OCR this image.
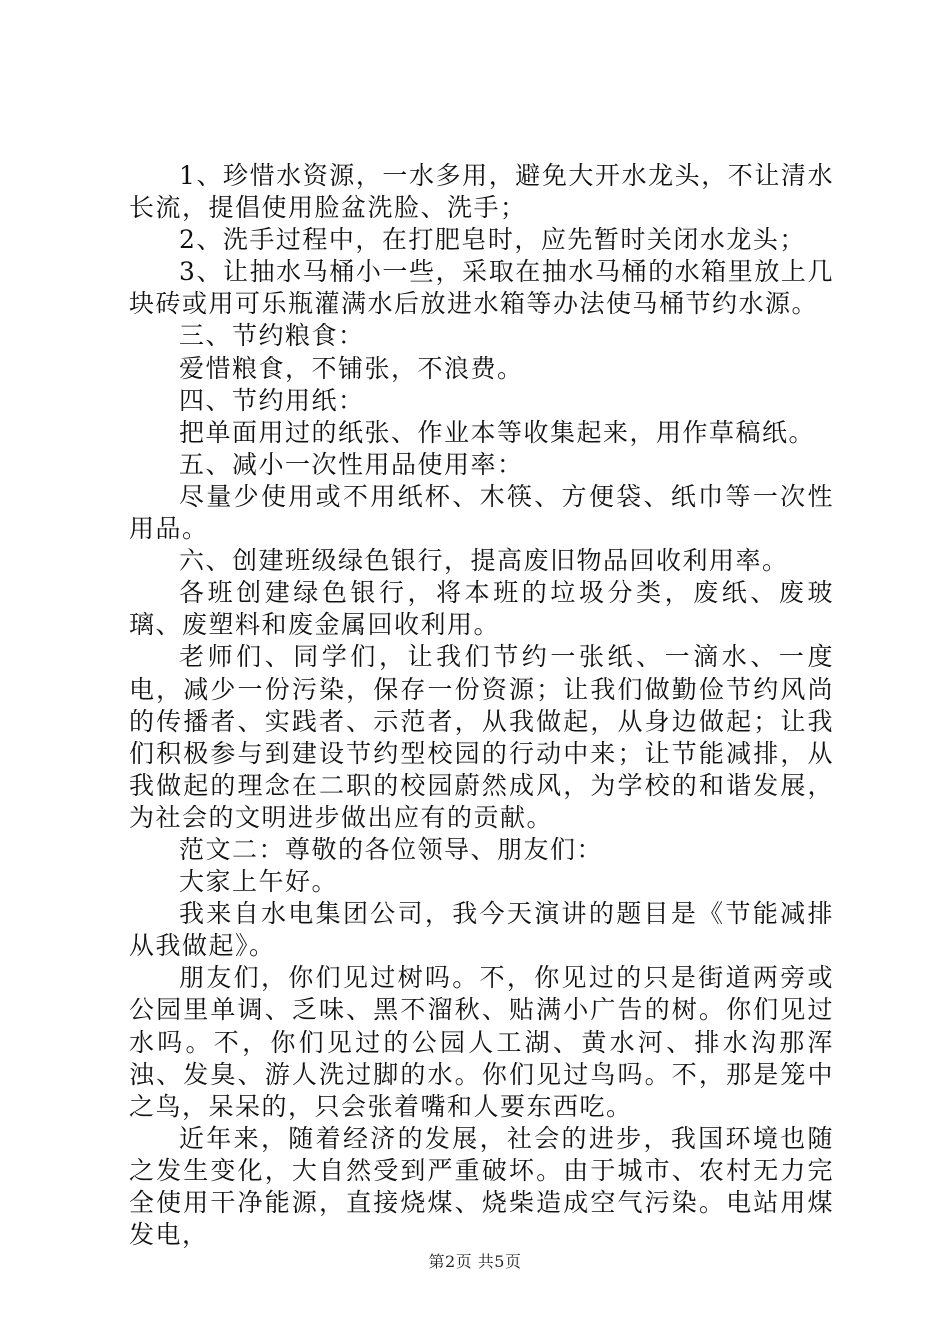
1、珍惜水资源，一水多用，避免大开水龙头，不让清水长流，提倡使用脸盆洗脸、洗手；

2、洗手过程中，在打肥皂时，应先暂时关闭水龙头；

3、让抽水马桶小一些，采取在抽水马桶的水箱里放上几块砖或用可乐瓶灌满水后放进水箱等办法使马桶节约水源。

三、节约粮食：

爱惜粮食，不铺张，不浪费。

四、节约用纸：

把单面用过的纸张、作业本等收集起来，用作草稿纸。

五、减小一次性用品使用率：

尽量少使用或不用纸杯、木筷、方便袋、纸巾等一次性用品。

六、创建班级绿色银行，提高废旧物品回收利用率。

各班创建绿色银行，将本班的垃圾分类，废纸、废玻璃、废塑料和废金属回收利用。

老师们、同学们，让我们节约一张纸、一滴水、一度电，减少一份污染，保存一份资源；让我们做勤俭节约风尚的传播者、实践者、示范者，从我做起，从身边做起；让我们积极参与到建设节约型校园的行动中来；让节能减排，从我做起的理念在二职的校园蔚然成风，为学校的和谐发展，为社会的文明进步做出应有的贡献。

范文二：尊敬的各位领导、朋友们：

大家上午好。

我来自水电集团公司，我今天演讲的题目是《节能减排从我做起》。

朋友们，你们见过树吗。不，你见过的只是街道两旁或公园里单调、乏味、黑不溜秋、贴满小广告的树。你们见过水吗。不，你们见过的公园人工湖、黄水河、排水沟那浑浊、发臭、游人洗过脚的水。你们见过鸟吗。不，那是笼中之鸟，呆呆的，只会张着嘴和人要东西吃。

近年来，随着经济的发展，社会的进步，我国环境也随之发生变化，大自然受到严重破坏。由于城市、农村无力完全使用干净能源，直接烧煤、烧柴造成空气污染。电站用煤发电，

第2页 共5页
